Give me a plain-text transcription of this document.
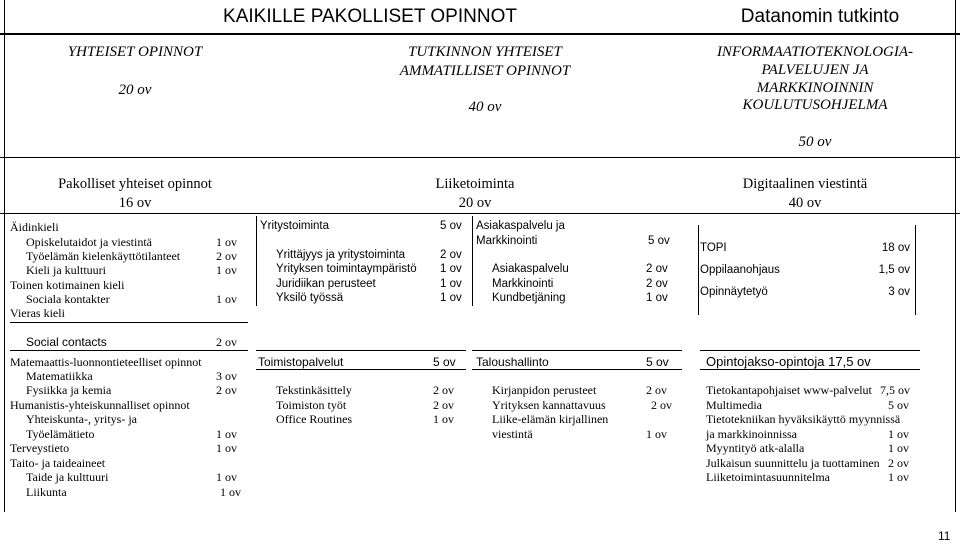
KAIKILLE PAKOLLISET OPINNOT	Datanomin tutkinto
YHTEISET OPINNOT
20 ov
TUTKINNON YHTEISET
AMMATILLISET OPINNOT
40 ov
INFORMAATIOTEKNOLOGIA-
PALVELUJEN JA
MARKKINOINNIN
KOULUTUSOHJELMA
50 ov
Pakolliset yhteiset opinnot
16 ov
Liiketoiminta
20 ov
Digitaalinen viestintä
40 ov
Äidinkieli
Opiskelutaidot ja viestintä	1 ov
Työelämän kielenkäyttötilanteet	2 ov
Kieli ja kulttuuri	1 ov
Toinen kotimainen kieli
Sociala kontakter	1 ov
Vieras kieli
Social contacts	2 ov
Matemaattis-luonnontieteelliset opinnot
Matematiikka	3 ov
Fysiikka ja kemia	2 ov
Humanistis-yhteiskunnalliset opinnot
Yhteiskunta-, yritys- ja
Työelämätieto	1 ov
Terveystieto	1 ov
Taito- ja taideaineet
Taide ja kulttuuri	1 ov
Liikunta	1 ov
Yritystoiminta	5 ov
Yrittäjyys ja yritystoiminta	2 ov
Yrityksen toimintaympäristö 1 ov
Juridiikan perusteet	1 ov
Yksilö työssä	1 ov
Asiakaspalvelu ja
Markkinointi	5 ov
Asiakaspalvelu	2 ov
Markkinointi	2 ov
Kundbetjäning	1 ov
TOPI	18 ov
Oppilaanohjaus	1,5 ov
Opinnäytetyö	3 ov
Toimistopalvelut	5 ov
Tekstinkäsittely	2 ov
Toimiston työt	2 ov
Office Routines	1 ov
Taloushallinto	5 ov
Kirjanpidon perusteet	2 ov
Yrityksen kannattavuus	2 ov
Liike-elämän kirjallinen
viestintä	1 ov
Opintojakso-opintoja 17,5 ov
Tietokantapohjaiset www-palvelut 7,5 ov
Multimedia	5 ov
Tietotekniikan hyväksikäyttö myynnissä
ja markkinoinnissa	1 ov
Myyntityö atk-alalla	1 ov
Julkaisun suunnittelu ja tuottaminen 2 ov
Liiketoimintasuunnitelma	1 ov
11
